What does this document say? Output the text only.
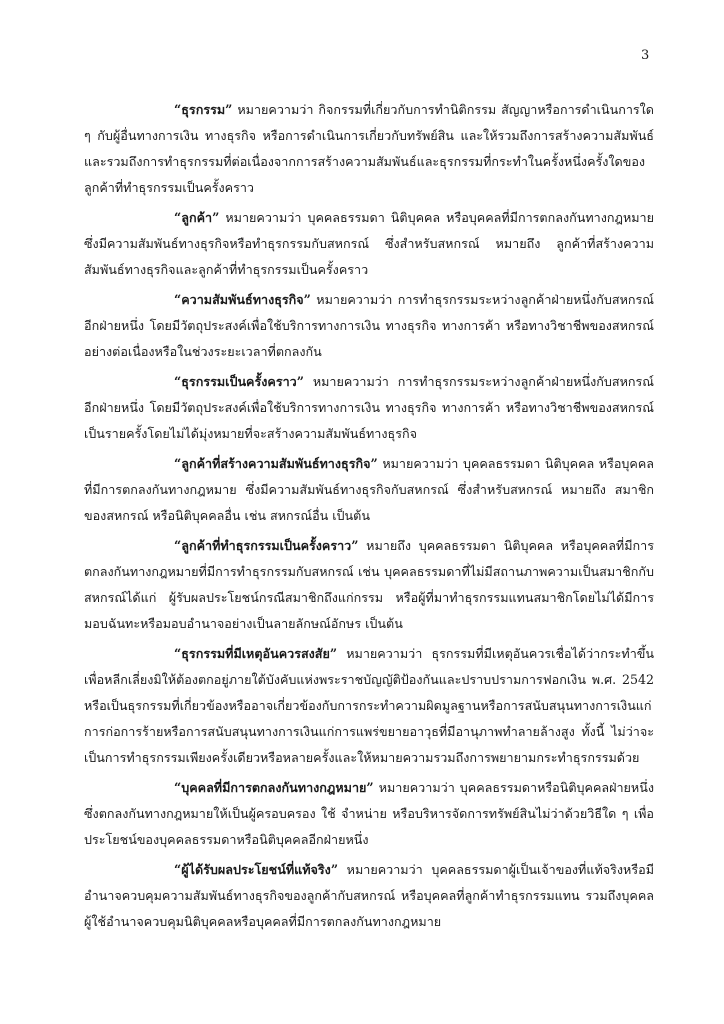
3

“ธุรกรรม” หมายความว่า กิจกรรมที่เกี่ยวกับการทำนิติกรรม สัญญาหรือการดำเนินการใด ๆ กับผู้อื่นทางการเงิน ทางธุรกิจ หรือการดำเนินการเกี่ยวกับทรัพย์สิน และให้รวมถึงการสร้างความสัมพันธ์ และรวมถึงการทำธุรกรรมที่ต่อเนื่องจากการสร้างความสัมพันธ์และธุรกรรมที่กระทำในครั้งหนึ่งครั้งใดของลูกค้าที่ทำธุรกรรมเป็นครั้งคราว

“ลูกค้า” หมายความว่า บุคคลธรรมดา นิติบุคคล หรือบุคคลที่มีการตกลงกันทางกฎหมาย ซึ่งมีความสัมพันธ์ทางธุรกิจหรือทำธุรกรรมกับสหกรณ์ ซึ่งสำหรับสหกรณ์ หมายถึง ลูกค้าที่สร้างความสัมพันธ์ทางธุรกิจและลูกค้าที่ทำธุรกรรมเป็นครั้งคราว

“ความสัมพันธ์ทางธุรกิจ” หมายความว่า การทำธุรกรรมระหว่างลูกค้าฝ่ายหนึ่งกับสหกรณ์อีกฝ่ายหนึ่ง โดยมีวัตถุประสงค์เพื่อใช้บริการทางการเงิน ทางธุรกิจ ทางการค้า หรือทางวิชาชีพของสหกรณ์อย่างต่อเนื่องหรือในช่วงระยะเวลาที่ตกลงกัน

“ธุรกรรมเป็นครั้งคราว” หมายความว่า การทำธุรกรรมระหว่างลูกค้าฝ่ายหนึ่งกับสหกรณ์อีกฝ่ายหนึ่ง โดยมีวัตถุประสงค์เพื่อใช้บริการทางการเงิน ทางธุรกิจ ทางการค้า หรือทางวิชาชีพของสหกรณ์เป็นรายครั้งโดยไม่ได้มุ่งหมายที่จะสร้างความสัมพันธ์ทางธุรกิจ

“ลูกค้าที่สร้างความสัมพันธ์ทางธุรกิจ” หมายความว่า บุคคลธรรมดา นิติบุคคล หรือบุคคลที่มีการตกลงกันทางกฎหมาย ซึ่งมีความสัมพันธ์ทางธุรกิจกับสหกรณ์ ซึ่งสำหรับสหกรณ์ หมายถึง สมาชิกของสหกรณ์ หรือนิติบุคคลอื่น เช่น สหกรณ์อื่น เป็นต้น

“ลูกค้าที่ทำธุรกรรมเป็นครั้งคราว” หมายถึง บุคคลธรรมดา นิติบุคคล หรือบุคคลที่มีการตกลงกันทางกฎหมายที่มีการทำธุรกรรมกับสหกรณ์ เช่น บุคคลธรรมดาที่ไม่มีสถานภาพความเป็นสมาชิกกับสหกรณ์ได้แก่ ผู้รับผลประโยชน์กรณีสมาชิกถึงแก่กรรม หรือผู้ที่มาทำธุรกรรมแทนสมาชิกโดยไม่ได้มีการมอบฉันทะหรือมอบอำนาจอย่างเป็นลายลักษณ์อักษร เป็นต้น

“ธุรกรรมที่มีเหตุอันควรสงสัย” หมายความว่า ธุรกรรมที่มีเหตุอันควรเชื่อได้ว่ากระทำขึ้นเพื่อหลีกเลี่ยงมิให้ต้องตกอยู่ภายใต้บังคับแห่งพระราชบัญญัติป้องกันและปราบปรามการฟอกเงิน พ.ศ. 2542 หรือเป็นธุรกรรมที่เกี่ยวข้องหรืออาจเกี่ยวข้องกับการกระทำความผิดมูลฐานหรือการสนับสนุนทางการเงินแก่การก่อการร้ายหรือการสนับสนุนทางการเงินแก่การแพร่ขยายอาวุธที่มีอานุภาพทำลายล้างสูง ทั้งนี้ ไม่ว่าจะเป็นการทำธุรกรรมเพียงครั้งเดียวหรือหลายครั้งและให้หมายความรวมถึงการพยายามกระทำธุรกรรมด้วย

“บุคคลที่มีการตกลงกันทางกฎหมาย” หมายความว่า บุคคลธรรมดาหรือนิติบุคคลฝ่ายหนึ่งซึ่งตกลงกันทางกฎหมายให้เป็นผู้ครอบครอง ใช้ จำหน่าย หรือบริหารจัดการทรัพย์สินไม่ว่าด้วยวิธีใด ๆ เพื่อประโยชน์ของบุคคลธรรมดาหรือนิติบุคคลอีกฝ่ายหนึ่ง

“ผู้ได้รับผลประโยชน์ที่แท้จริง” หมายความว่า บุคคลธรรมดาผู้เป็นเจ้าของที่แท้จริงหรือมีอำนาจควบคุมความสัมพันธ์ทางธุรกิจของลูกค้ากับสหกรณ์ หรือบุคคลที่ลูกค้าทำธุรกรรมแทน รวมถึงบุคคลผู้ใช้อำนาจควบคุมนิติบุคคลหรือบุคคลที่มีการตกลงกันทางกฎหมาย
